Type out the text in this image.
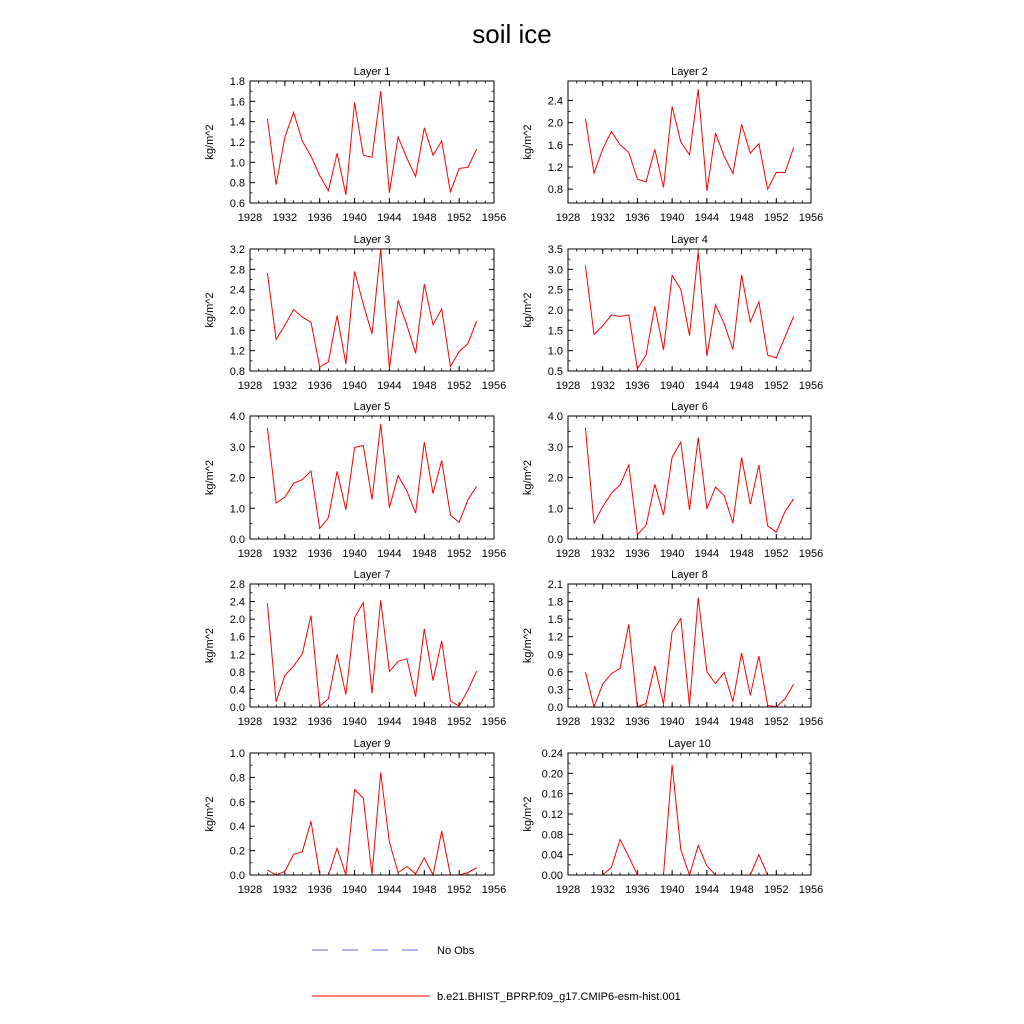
soil ice
Layer 1
kg/m^2
1928 1932 1936 1940 1944 1948 1952 1956
0.6
0.8
1.0
1.2
1.4
1.6
1.8
Layer 2
kg/m^2
1928 1932 1936 1940 1944 1948 1952 1956
0.8
1.2
1.6
2.0
2.4
Layer 3
kg/m^2
1928 1932 1936 1940 1944 1948 1952 1956
0.8
1.2
1.6
2.0
2.4
2.8
3.2
Layer 4
kg/m^2
1928 1932 1936 1940 1944 1948 1952 1956
0.5
1.0
1.5
2.0
2.5
3.0
3.5
Layer 5
kg/m^2
1928 1932 1936 1940 1944 1948 1952 1956
0.0
1.0
2.0
3.0
4.0
Layer 6
kg/m^2
1928 1932 1936 1940 1944 1948 1952 1956
0.0
1.0
2.0
3.0
4.0
Layer 7
kg/m^2
1928 1932 1936 1940 1944 1948 1952 1956
0.0
0.4
0.8
1.2
1.6
2.0
2.4
2.8
Layer 8
kg/m^2
1928 1932 1936 1940 1944 1948 1952 1956
0.0
0.3
0.6
0.9
1.2
1.5
1.8
2.1
Layer 9
kg/m^2
1928 1932 1936 1940 1944 1948 1952 1956
0.0
0.2
0.4
0.6
0.8
1.0
Layer 10
kg/m^2
1928 1932 1936 1940 1944 1948 1952 1956
0.00
0.04
0.08
0.12
0.16
0.20
0.24
No Obs
b.e21.BHIST_BPRP.f09_g17.CMIP6-esm-hist.001
